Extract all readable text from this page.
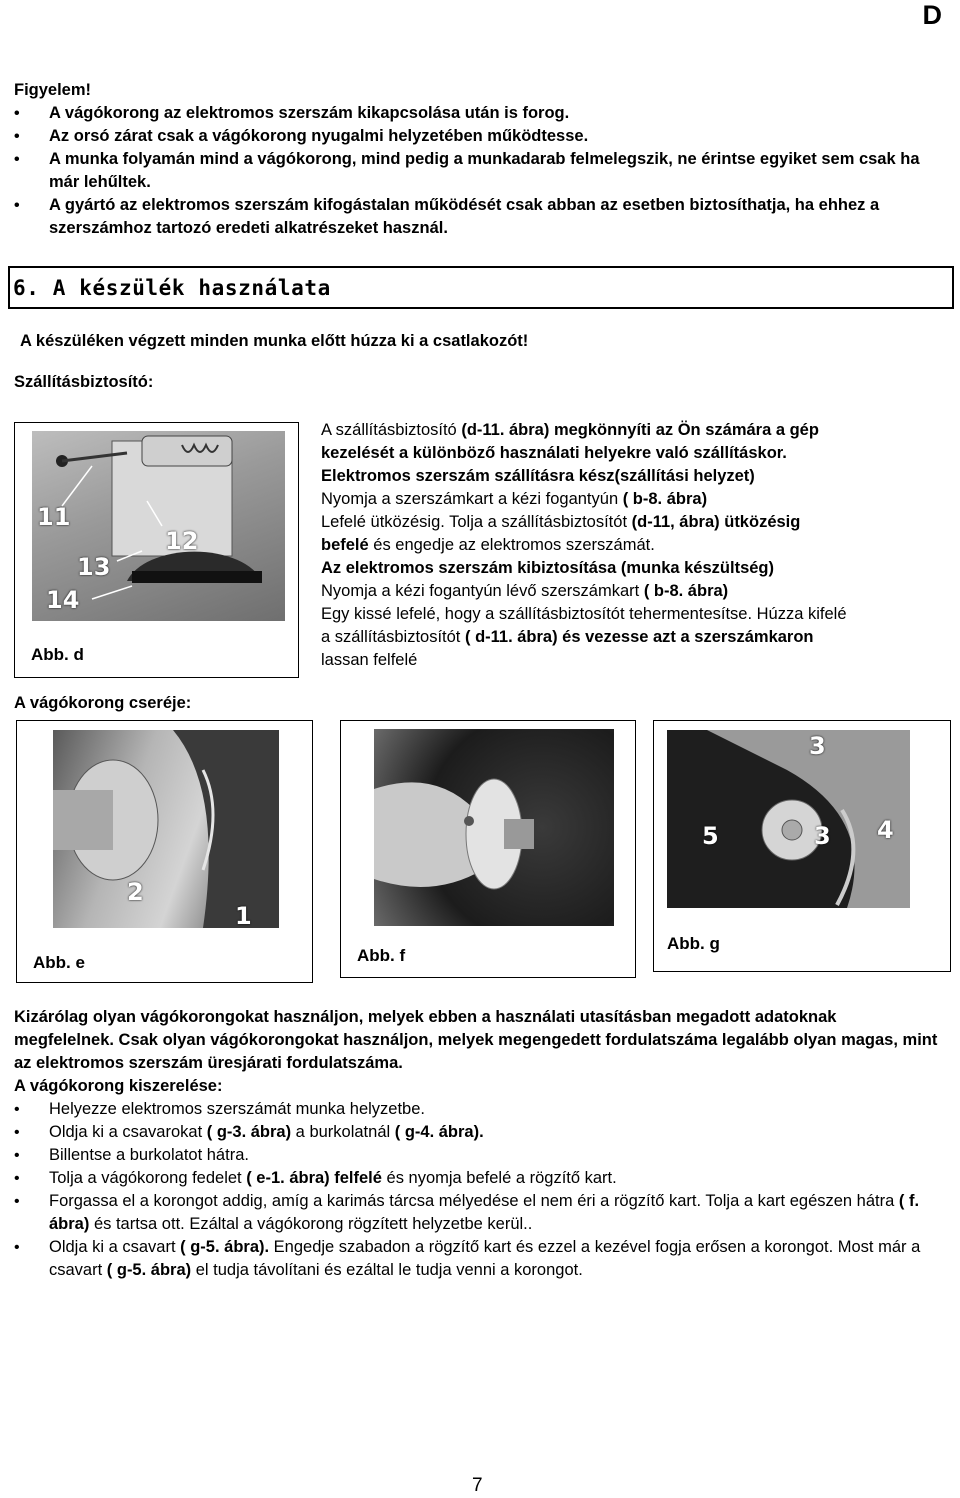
D
Figyelem!
• A vágókorong az elektromos szerszám kikapcsolása után is forog.
• Az orsó zárat csak a vágókorong nyugalmi helyzetében működtesse.
• A munka folyamán mind a vágókorong, mind pedig a munkadarab felmelegszik, ne érintse egyiket sem csak ha már lehűltek.
• A gyártó az elektromos szerszám kifogástalan működését csak abban az esetben biztosíthatja, ha ehhez a szerszámhoz tartozó eredeti alkatrészeket használ.
6. A készülék használata
A készüléken végzett minden munka előtt húzza ki a csatlakozót!
Szállításbiztosító:
11
12
13
14
Abb. d
A szállításbiztosító (d-11. ábra) megkönnyíti az Ön számára a gép
kezelését a különböző használati helyekre való szállításkor.
Elektromos szerszám szállításra kész(szállítási helyzet)
Nyomja a szerszámkart a kézi fogantyún ( b-8. ábra)
Lefelé ütközésig. Tolja a szállításbiztosítót (d-11, ábra) ütközésig
befelé és engedje az elektromos szerszámát.
Az elektromos szerszám kibiztosítása (munka készültség)
Nyomja a kézi fogantyún lévő szerszámkart ( b-8. ábra)
Egy kissé lefelé, hogy a szállításbiztosítót tehermentesítse. Húzza kifelé
a szállításbiztosítót ( d-11. ábra) és vezesse azt a szerszámkaron
lassan felfelé
A vágókorong cseréje:
2
1
Abb. e	Abb. f
3
5	3 4
Abb. g
Kizárólag olyan vágókorongokat használjon, melyek ebben a használati utasításban megadott adatoknak megfelelnek. Csak olyan vágókorongokat használjon, melyek megengedett fordulatszáma legalább olyan magas, mint az elektromos szerszám üresjárati fordulatszáma.
A vágókorong kiszerelése:
• Helyezze elektromos szerszámát munka helyzetbe.
• Oldja ki a csavarokat ( g-3. ábra) a burkolatnál ( g-4. ábra).
• Billentse a burkolatot hátra.
• Tolja a vágókorong fedelet ( e-1. ábra) felfelé és nyomja befelé a rögzítő kart.
• Forgassa el a korongot addig, amíg a karimás tárcsa mélyedése el nem éri a rögzítő kart. Tolja a kart egészen hátra ( f. ábra) és tartsa ott. Ezáltal a vágókorong rögzített helyzetbe kerül..
• Oldja ki a csavart ( g-5. ábra). Engedje szabadon a rögzítő kart és ezzel a kezével fogja erősen a korongot. Most már a csavart ( g-5. ábra) el tudja távolítani és ezáltal le tudja venni a korongot.
7
